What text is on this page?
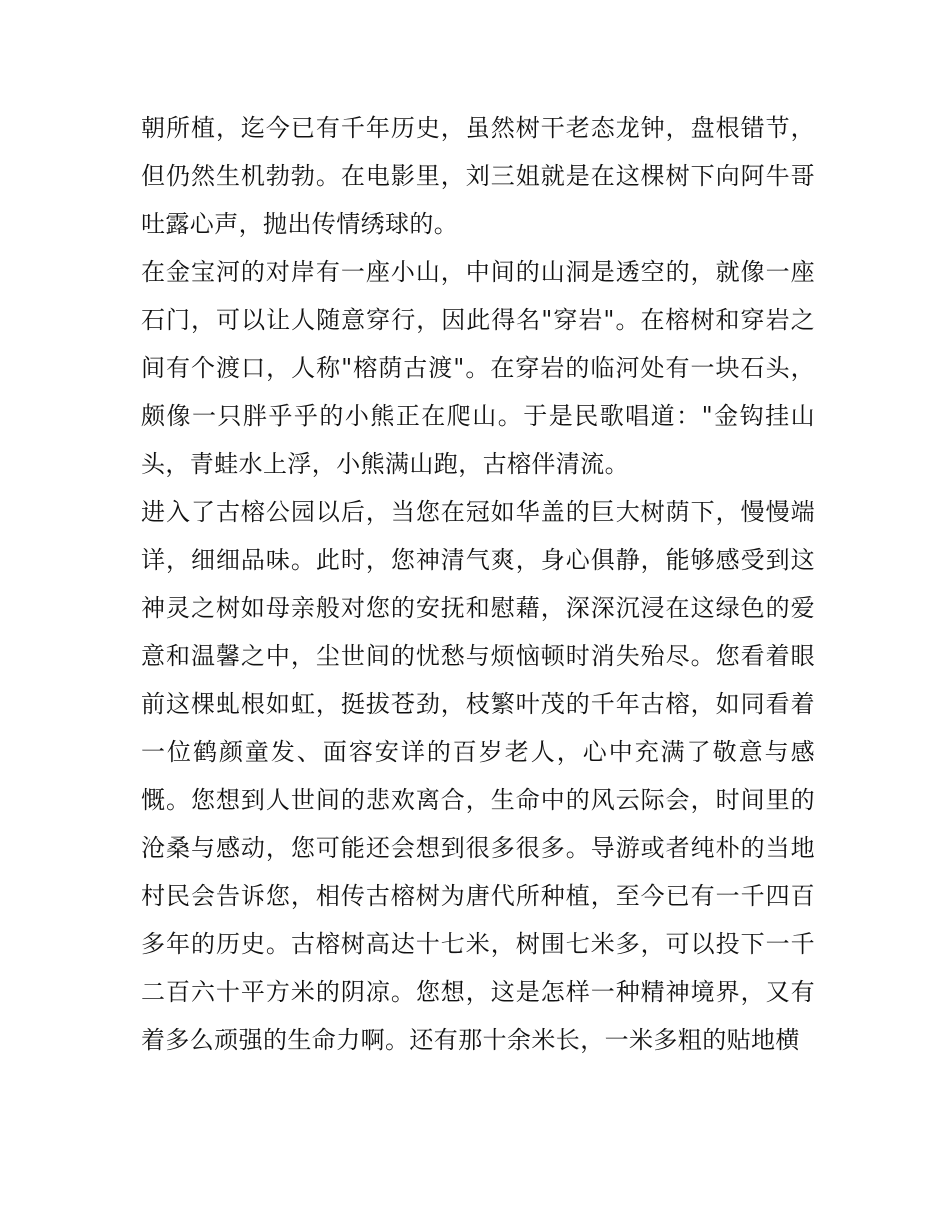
朝所植，迄今已有千年历史，虽然树干老态龙钟，盘根错节，但仍然生机勃勃。在电影里，刘三姐就是在这棵树下向阿牛哥吐露心声，抛出传情绣球的。

在金宝河的对岸有一座小山，中间的山洞是透空的，就像一座石门，可以让人随意穿行，因此得名"穿岩"。在榕树和穿岩之间有个渡口，人称"榕荫古渡"。在穿岩的临河处有一块石头，颇像一只胖乎乎的小熊正在爬山。于是民歌唱道："金钩挂山头，青蛙水上浮，小熊满山跑，古榕伴清流。

进入了古榕公园以后，当您在冠如华盖的巨大树荫下，慢慢端详，细细品味。此时，您神清气爽，身心俱静，能够感受到这神灵之树如母亲般对您的安抚和慰藉，深深沉浸在这绿色的爱意和温馨之中，尘世间的忧愁与烦恼顿时消失殆尽。您看着眼前这棵虬根如虹，挺拔苍劲，枝繁叶茂的千年古榕，如同看着一位鹤颜童发、面容安详的百岁老人，心中充满了敬意与感慨。您想到人世间的悲欢离合，生命中的风云际会，时间里的沧桑与感动，您可能还会想到很多很多。导游或者纯朴的当地村民会告诉您，相传古榕树为唐代所种植，至今已有一千四百多年的历史。古榕树高达十七米，树围七米多，可以投下一千二百六十平方米的阴凉。您想，这是怎样一种精神境界，又有着多么顽强的生命力啊。还有那十余米长，一米多粗的贴地横
